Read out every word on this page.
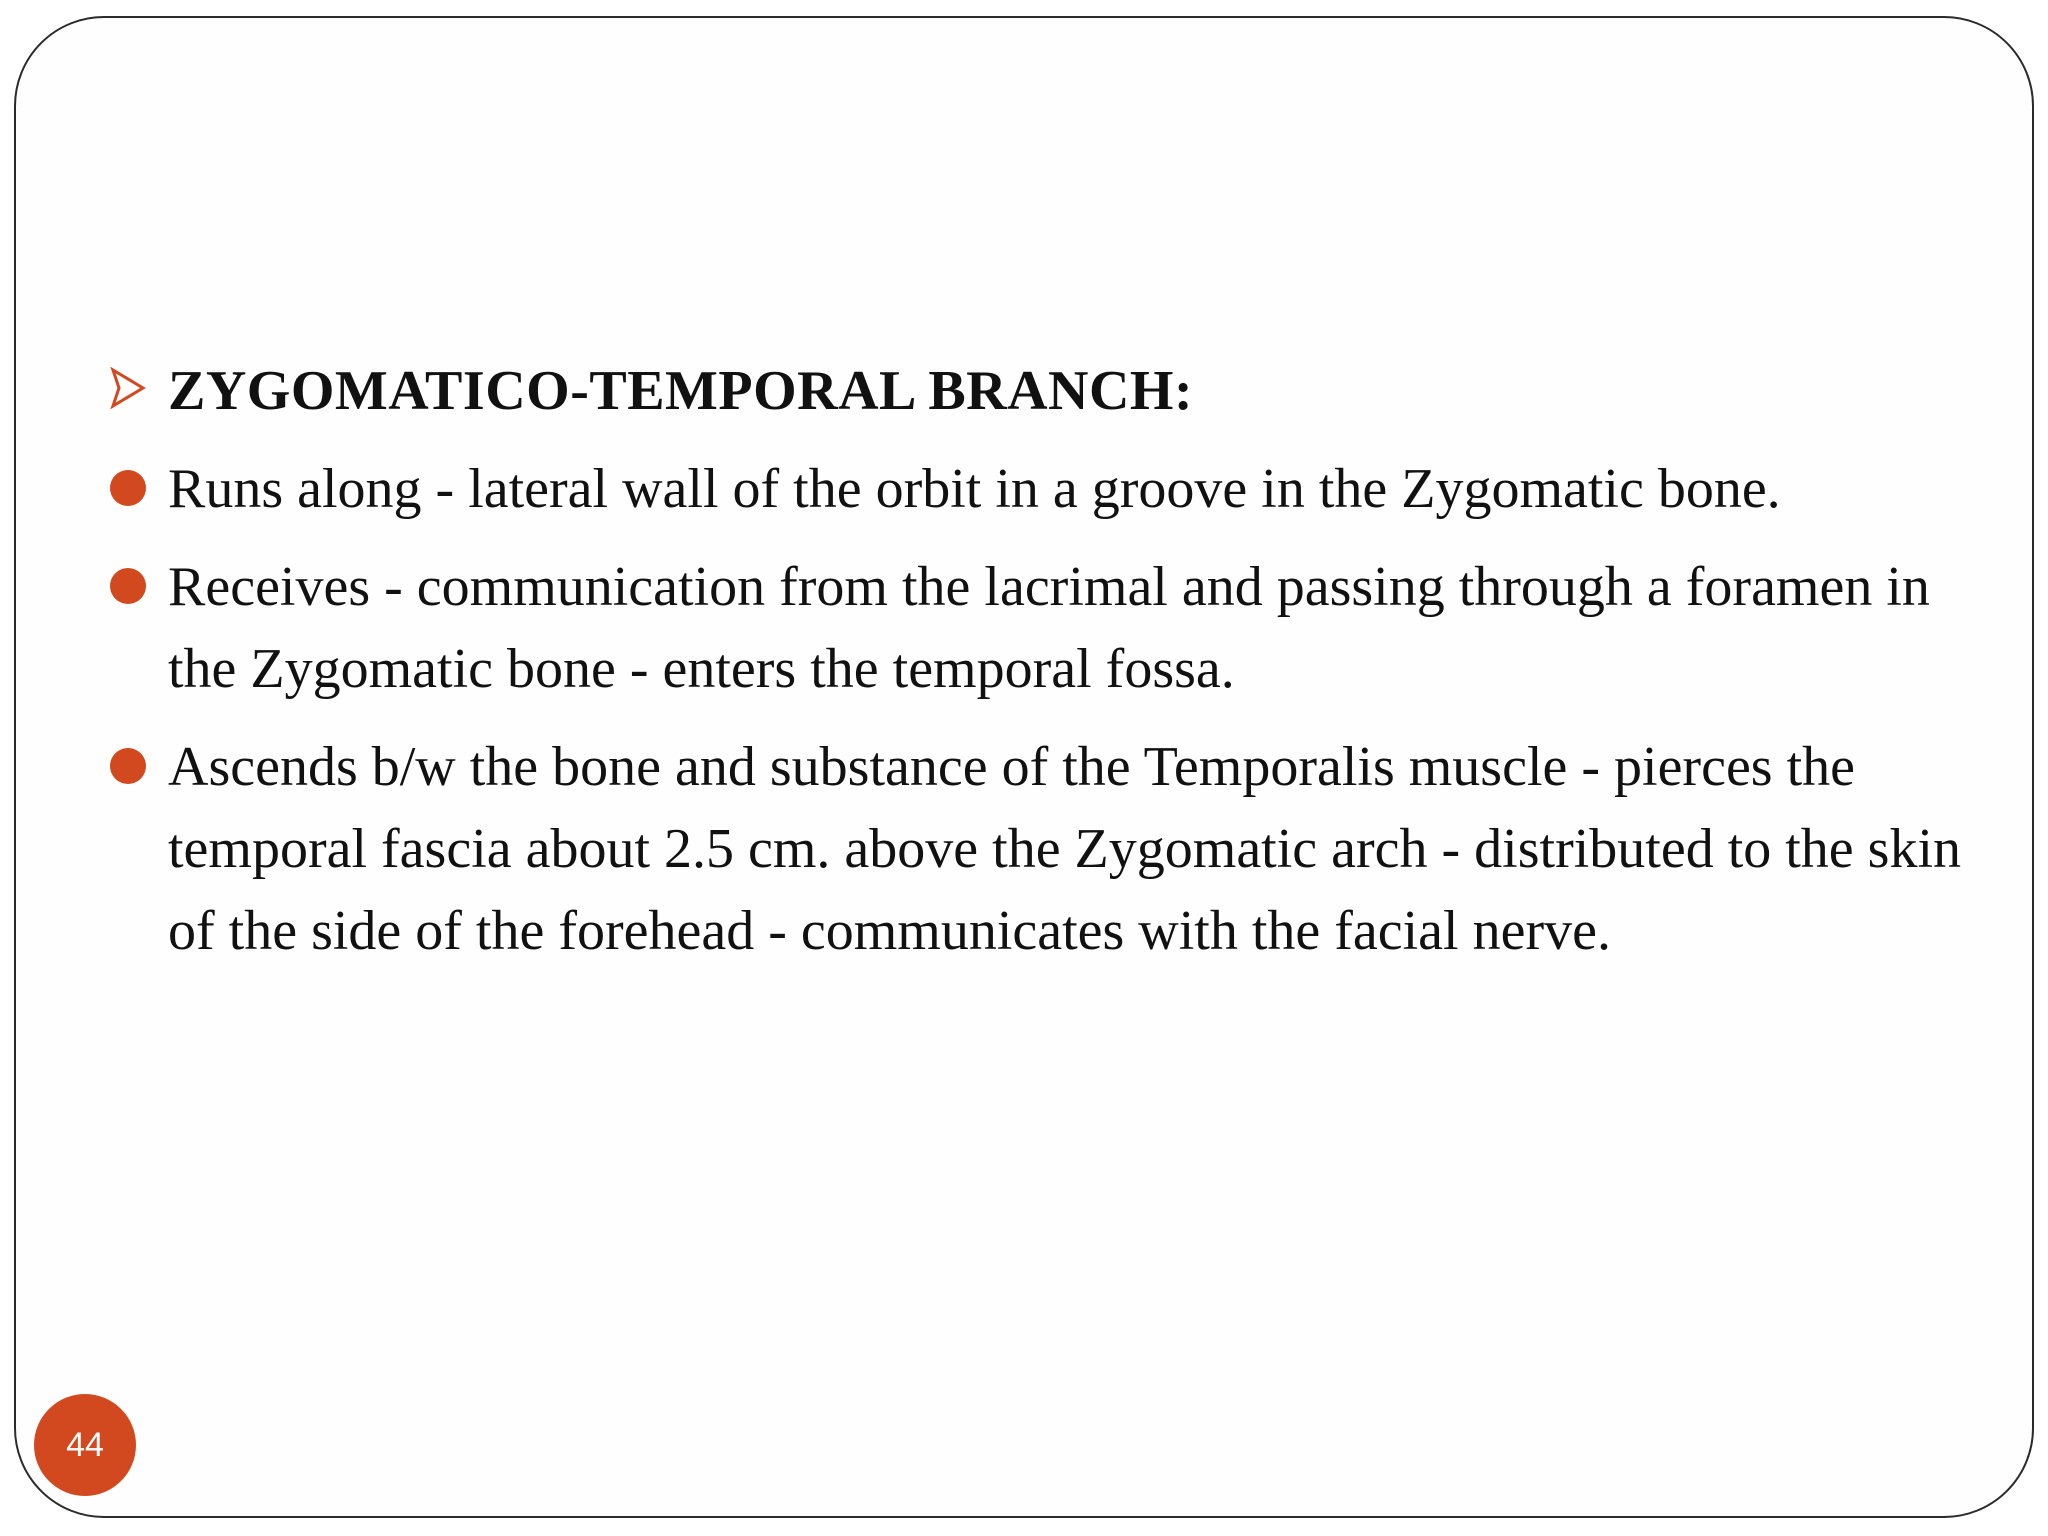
ZYGOMATICO-TEMPORAL BRANCH:
Runs along - lateral wall of the orbit in a groove in the Zygomatic bone.
Receives - communication from the lacrimal and passing through a foramen in the Zygomatic bone - enters the temporal fossa.
Ascends b/w the bone and substance of the Temporalis muscle - pierces the temporal fascia about 2.5 cm. above the Zygomatic arch - distributed to the skin of the side of the forehead - communicates with the facial nerve.
44
